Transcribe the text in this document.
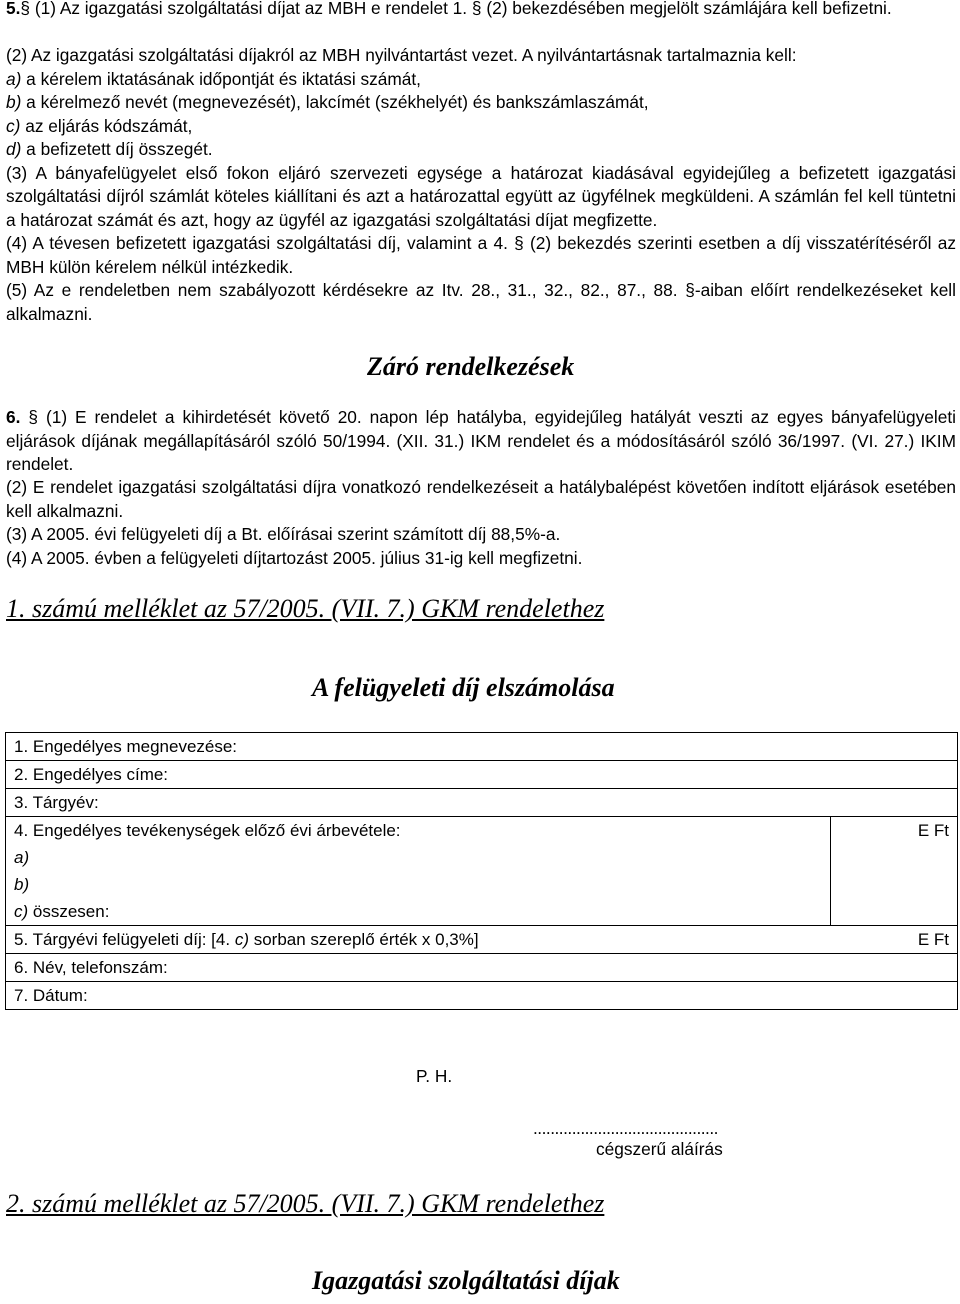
5.§ (1) Az igazgatási szolgáltatási díjat az MBH e rendelet 1. § (2) bekezdésében megjelölt számlájára kell befizetni.

(2) Az igazgatási szolgáltatási díjakról az MBH nyilvántartást vezet. A nyilvántartásnak tartalmaznia kell:

a) a kérelem iktatásának időpontját és iktatási számát,

b) a kérelmező nevét (megnevezését), lakcímét (székhelyét) és bankszámlaszámát,

c) az eljárás kódszámát,

d) a befizetett díj összegét.

(3) A bányafelügyelet első fokon eljáró szervezeti egysége a határozat kiadásával egyidejűleg a befizetett igazgatási szolgáltatási díjról számlát köteles kiállítani és azt a határozattal együtt az ügyfélnek megküldeni. A számlán fel kell tüntetni a határozat számát és azt, hogy az ügyfél az igazgatási szolgáltatási díjat megfizette.

(4) A tévesen befizetett igazgatási szolgáltatási díj, valamint a 4. § (2) bekezdés szerinti esetben a díj visszatérítéséről az MBH külön kérelem nélkül intézkedik.

(5) Az e rendeletben nem szabályozott kérdésekre az Itv. 28., 31., 32., 82., 87., 88. §-aiban előírt rendelkezéseket kell alkalmazni.

Záró rendelkezések

6. § (1) E rendelet a kihirdetését követő 20. napon lép hatályba, egyidejűleg hatályát veszti az egyes bányafelügyeleti eljárások díjának megállapításáról szóló 50/1994. (XII. 31.) IKM rendelet és a módosításáról szóló 36/1997. (VI. 27.) IKIM rendelet.

(2) E rendelet igazgatási szolgáltatási díjra vonatkozó rendelkezéseit a hatálybalépést követően indított eljárások esetében kell alkalmazni.

(3) A 2005. évi felügyeleti díj a Bt. előírásai szerint számított díj 88,5%-a.

(4) A 2005. évben a felügyeleti díjtartozást 2005. július 31-ig kell megfizetni.

1. számú melléklet az 57/2005. (VII. 7.) GKM rendelethez
A felügyeleti díj elszámolása
1. Engedélyes megnevezése:	
2. Engedélyes címe:	
3. Tárgyév:	
4. Engedélyes tevékenységek előző évi árbevétele:	E Ft
a)	
b)	
c) összesen:	
5. Tárgyévi felügyeleti díj: [4. c) sorban szereplő érték x 0,3%]	E Ft
6. Név, telefonszám:	
7. Dátum:	
P. H.
...........................................
cégszerű aláírás
2. számú melléklet az 57/2005. (VII. 7.) GKM rendelethez
Igazgatási szolgáltatási díjak
